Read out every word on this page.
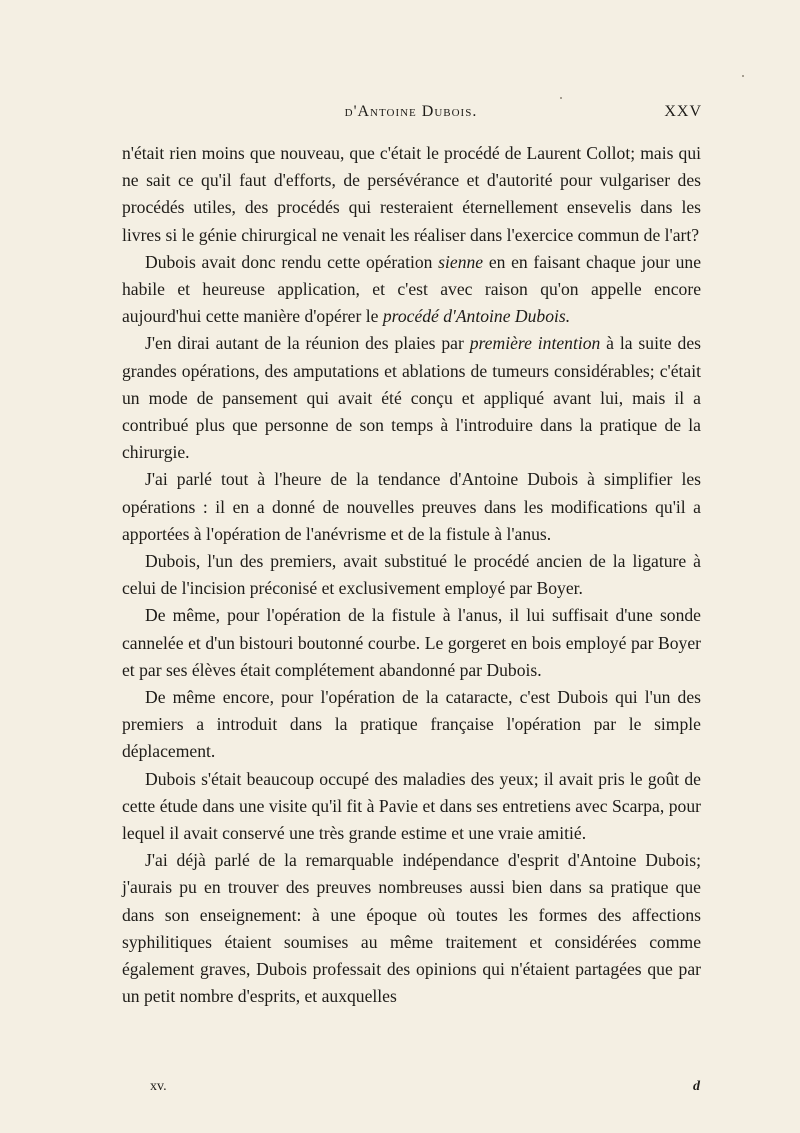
d'Antoine Dubois.	XXV

n'était rien moins que nouveau, que c'était le procédé de Laurent Collot; mais qui ne sait ce qu'il faut d'efforts, de persévérance et d'autorité pour vulgariser des procédés utiles, des procédés qui resteraient éternellement ensevelis dans les livres si le génie chirurgical ne venait les réaliser dans l'exercice commun de l'art?

Dubois avait donc rendu cette opération sienne en en faisant chaque jour une habile et heureuse application, et c'est avec raison qu'on appelle encore aujourd'hui cette manière d'opérer le procédé d'Antoine Dubois.

J'en dirai autant de la réunion des plaies par première intention à la suite des grandes opérations, des amputations et ablations de tumeurs considérables; c'était un mode de pansement qui avait été conçu et appliqué avant lui, mais il a contribué plus que personne de son temps à l'introduire dans la pratique de la chirurgie.

J'ai parlé tout à l'heure de la tendance d'Antoine Dubois à simplifier les opérations : il en a donné de nouvelles preuves dans les modifications qu'il a apportées à l'opération de l'anévrisme et de la fistule à l'anus.

Dubois, l'un des premiers, avait substitué le procédé ancien de la ligature à celui de l'incision préconisé et exclusivement employé par Boyer.

De même, pour l'opération de la fistule à l'anus, il lui suffisait d'une sonde cannelée et d'un bistouri boutonné courbe. Le gorgeret en bois employé par Boyer et par ses élèves était complétement abandonné par Dubois.

De même encore, pour l'opération de la cataracte, c'est Dubois qui l'un des premiers a introduit dans la pratique française l'opération par le simple déplacement.

Dubois s'était beaucoup occupé des maladies des yeux; il avait pris le goût de cette étude dans une visite qu'il fit à Pavie et dans ses entretiens avec Scarpa, pour lequel il avait conservé une très grande estime et une vraie amitié.

J'ai déjà parlé de la remarquable indépendance d'esprit d'Antoine Dubois; j'aurais pu en trouver des preuves nombreuses aussi bien dans sa pratique que dans son enseignement: à une époque où toutes les formes des affections syphilitiques étaient soumises au même traitement et considérées comme également graves, Dubois professait des opinions qui n'étaient partagées que par un petit nombre d'esprits, et auxquelles

xv.	d
